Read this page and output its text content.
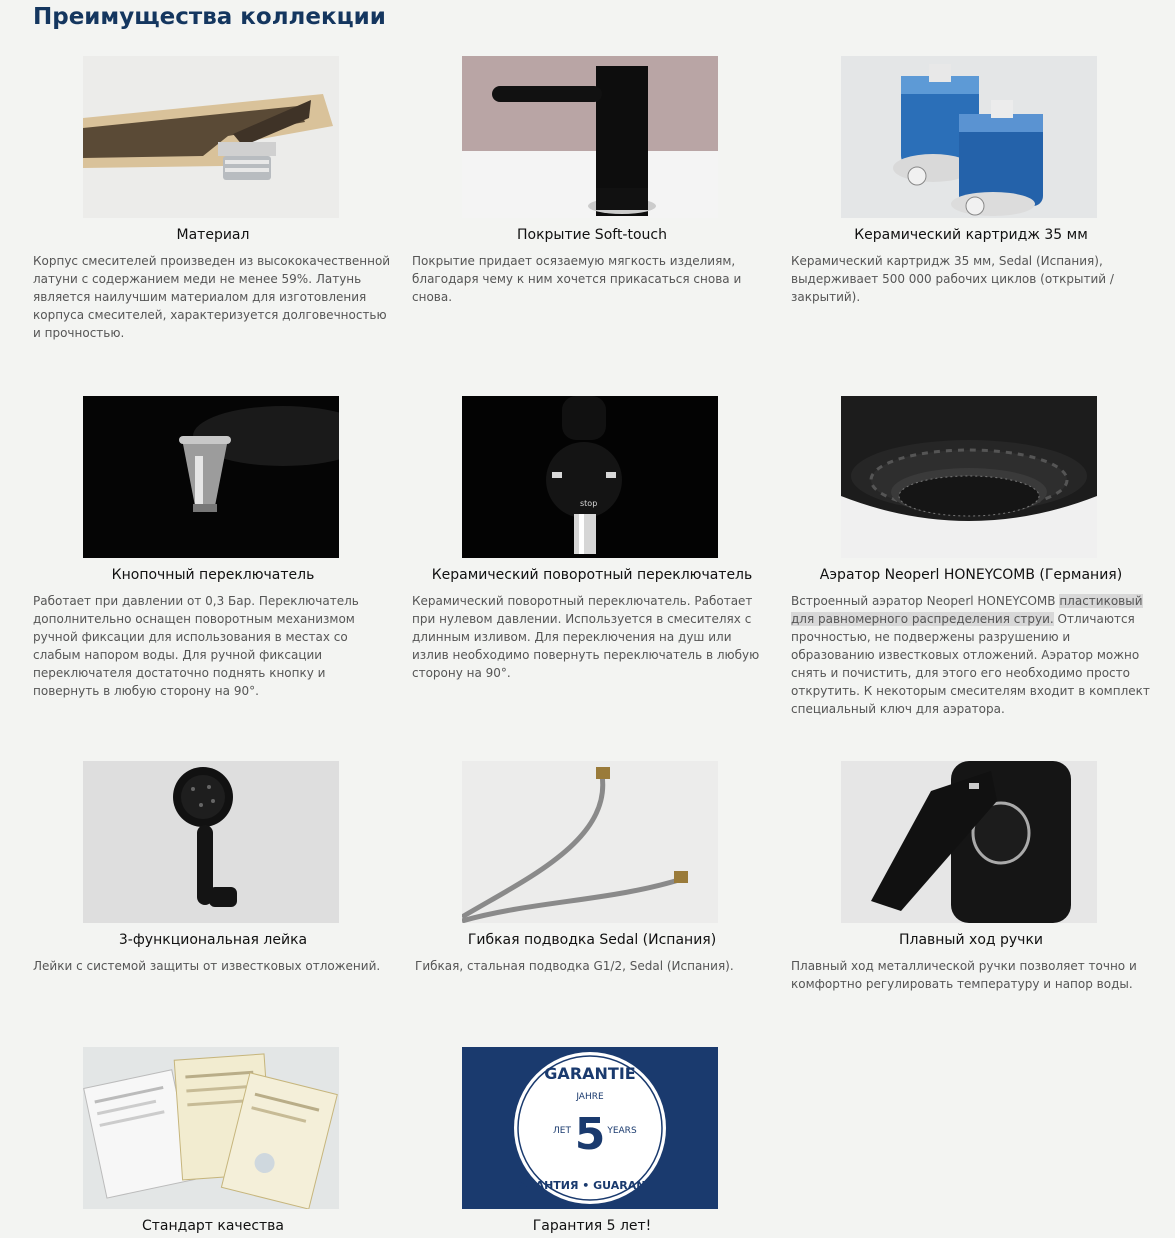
Преимущества коллекции
Материал
Корпус смесителей произведен из высококачественной латуни с содержанием меди не менее 59%. Латунь является наилучшим материалом для изготовления корпуса смесителей, характеризуется долговечностью и прочностью.
Покрытие Soft-touch
Покрытие придает осязаемую мягкость изделиям, благодаря чему к ним хочется прикасаться снова и снова.
Керамический картридж 35 мм
Керамический картридж 35 мм, Sedal (Испания), выдерживает 500 000 рабочих циклов (открытий / закрытий).
Кнопочный переключатель
Работает при давлении от 0,3 Бар. Переключатель дополнительно оснащен поворотным механизмом ручной фиксации для использования в местах со слабым напором воды. Для ручной фиксации переключателя достаточно поднять кнопку и повернуть в любую сторону на 90°.
stop
Керамический поворотный переключатель
Керамический поворотный переключатель. Работает при нулевом давлении. Используется в смесителях с длинным изливом. Для переключения на душ или излив необходимо повернуть переключатель в любую сторону на 90°.
Аэратор Neoperl HONEYCOMB (Германия)
Встроенный аэратор Neoperl HONEYCOMB пластиковый для равномерного распределения струи. Отличаются прочностью, не подвержены разрушению и образованию известковых отложений. Аэратор можно снять и почистить, для этого его необходимо просто открутить. К некоторым смесителям входит в комплект специальный ключ для аэратора.
3-функциональная лейка
Лейки с системой защиты от известковых отложений.
Гибкая подводка Sedal (Испания)
Гибкая, стальная подводка G1/2, Sedal (Испания).
Плавный ход ручки
Плавный ход металлической ручки позволяет точно и комфортно регулировать температуру и напор воды.
Стандарт качества
GARANTIE
JAHRE
5
ЛЕТ	YEARS
ГАРАНТИЯ • GUARANTEE
Гарантия 5 лет!
